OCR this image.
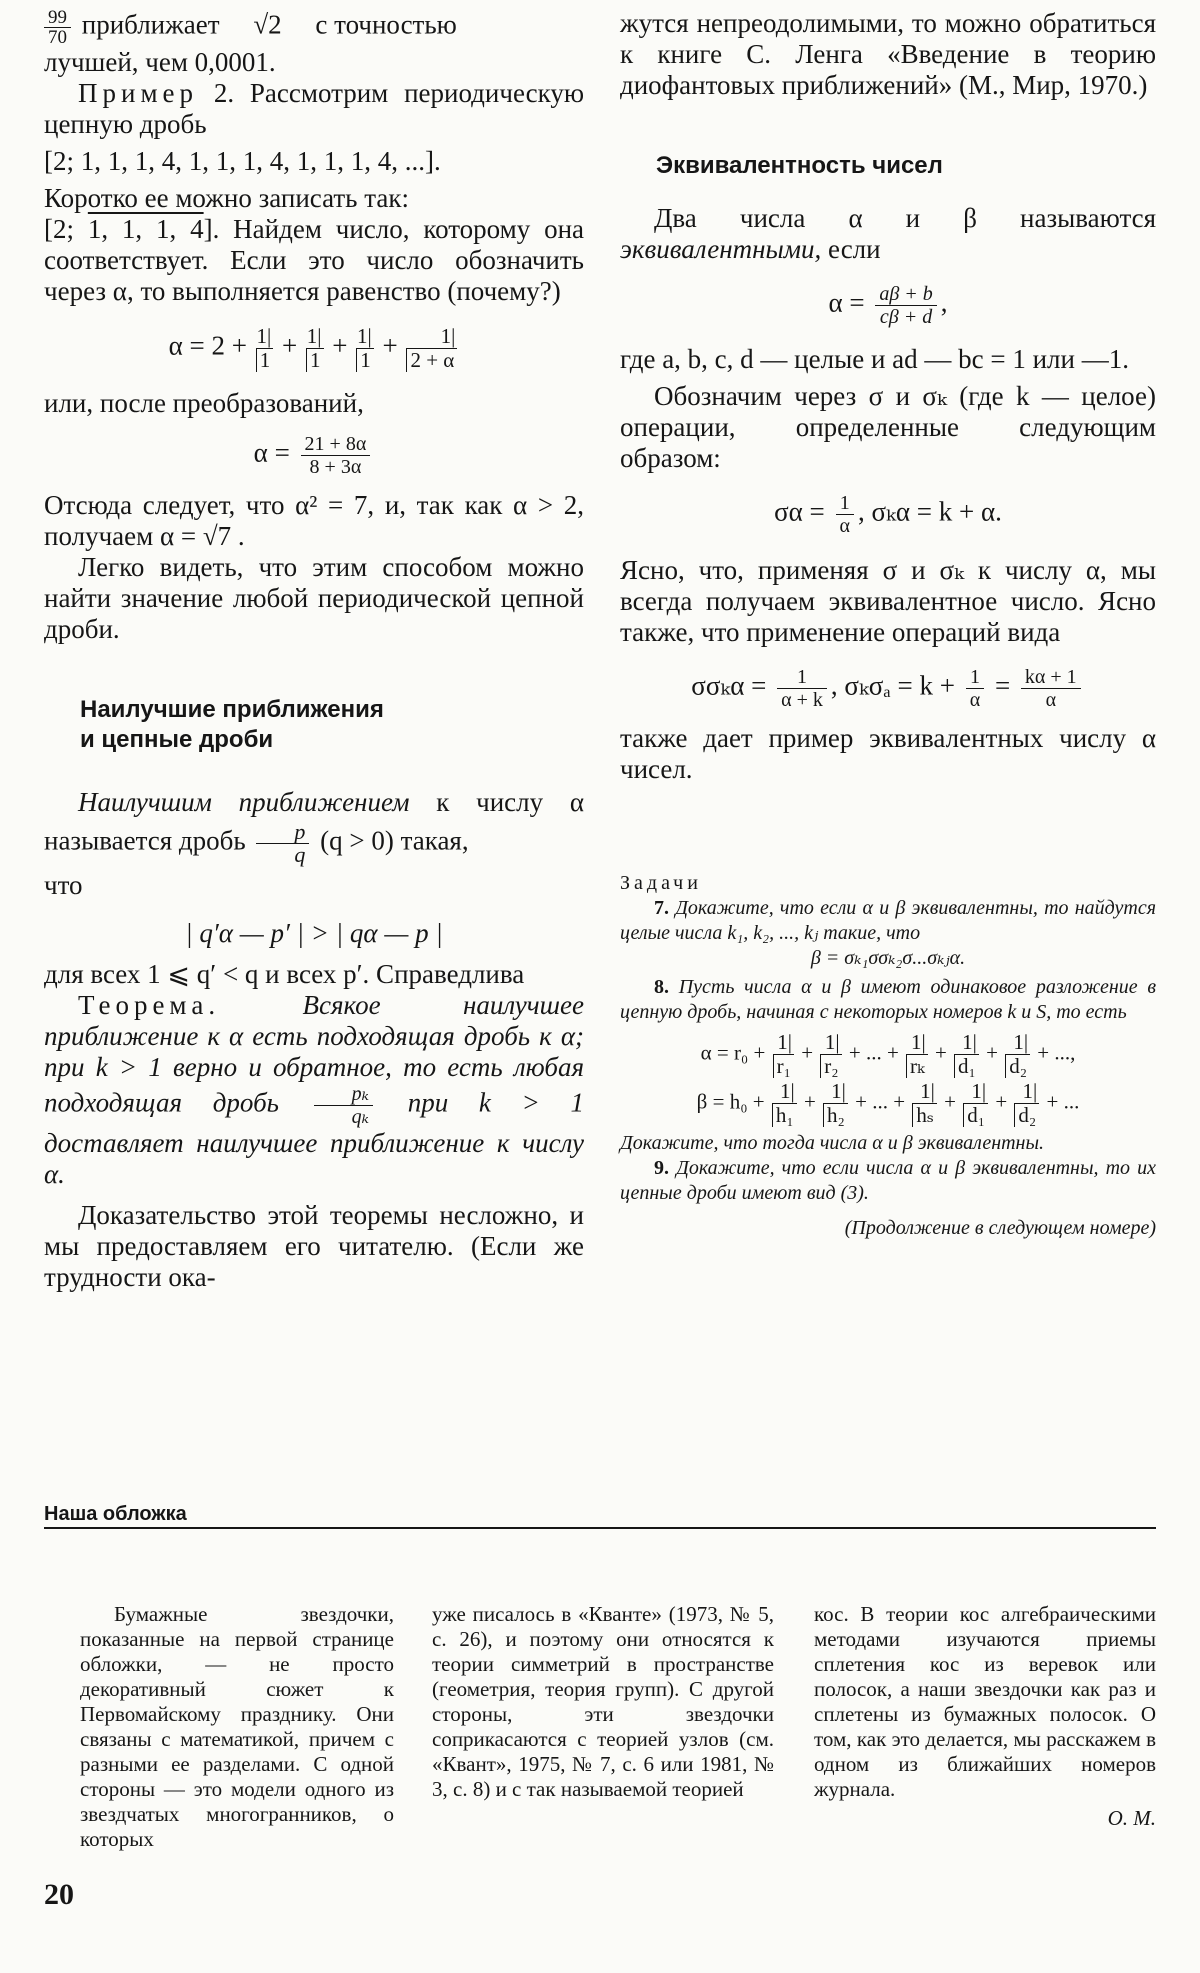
$\frac{99}{70}$ приближает √2 с точностью
лучшей, чем 0,0001.

Пример 2. Рассмотрим периодическую цепную дробь

[2; 1, 1, 1, 4, 1, 1, 1, 4, 1, 1, 1, 4, ...].

Коротко ее можно записать так:
[2; 1, 1, 1, 4]. Найдем число, которому она соответствует. Если это число обозначить через α, то выполняется равенство (почему?)

$\alpha = 2 + \frac{1|}{1} + \frac{1|}{1} + \frac{1|}{1} + \frac{1|}{2 + \alpha}$

или, после преобразований,

$\alpha = \frac{21 + 8\alpha}{8 + 3\alpha}$

Отсюда следует, что α² = 7, и, так как α > 2, получаем α = √7 .

Легко видеть, что этим способом можно найти значение любой периодической цепной дроби.

Наилучшие приближения
и цепные дроби

Наилучшим приближением к числу α называется дробь $\frac{p}{q} (q > 0)$ такая,
что

| q′α — p′ | > | qα — p |

для всех 1 ⩽ q′ < q и всех p′. Справедлива

Теорема.	Всякое наилучшее приближение к α есть подходящая дробь к α; при k > 1 верно и обратное, то есть любая подходящая дробь $\frac{\text{pₖ}}{\text{qₖ}}$ при k > 1 доставляет наилучшее приближение к числу α.

Доказательство этой теоремы несложно, и мы предоставляем его читателю. (Если же трудности ока-

жутся непреодолимыми, то можно обратиться к книге С. Ленга «Введение в теорию диофантовых приближений» (М., Мир, 1970.)

Эквивалентность чисел

Два числа α и β называются эквивалентными, если

$\alpha = \frac{a\beta + b}{c\beta + d}$ ,

где a, b, c, d — целые и ad — bc = 1 или —1.

Обозначим через σ и σₖ (где k — целое) операции, определенные следующим образом:

$\sigma\alpha = \frac{1}{\alpha}$ , σₖα = k + α.

Ясно, что, применяя σ и σₖ к числу α, мы всегда получаем эквивалентное число. Ясно также, что применение операций вида

$\sigma\sigma_k\alpha = \frac{1}{\alpha + k}$ , $\sigma_k\sigma_a = k + \frac{1}{\alpha} = \frac{k\alpha + 1}{\alpha}$

также дает пример эквивалентных числу α чисел.

Задачи

7. Докажите, что если α и β эквивалентны, то найдутся целые числа k₁, k₂, ..., kⱼ такие, что

β = σₖ₁σσₖ₂σ...σₖⱼα.

8. Пусть числа α и β имеют одинаковое разложение в цепную дробь, начиная с некоторых номеров k и S, то есть

$\alpha = r_0 + \frac{1|}{\text{r₁}} + \frac{1|}{\text{r₂}}$ + ... + $\frac{1|}{\text{rₖ}} + \frac{1|}{\text{d₁}} + \frac{1|}{\text{d₂}}$ + ...,

$\beta = h_0 + \frac{1|}{\text{h₁}} + \frac{1|}{\text{h₂}}$ + ... + $\frac{1|}{\text{hₛ}} + \frac{1|}{\text{d₁}} + \frac{1|}{\text{d₂}}$ + ...

Докажите, что тогда числа α и β эквивалентны.

9. Докажите, что если числа α и β эквивалентны, то их цепные дроби имеют вид (3).

(Продолжение в следующем номере)

Наша обложка

Бумажные звездочки, показанные на первой странице обложки, — не просто декоративный сюжет к Первомайскому празднику. Они связаны с математикой, причем с разными ее разделами. С одной стороны — это модели одного из звездчатых многогранников, о которых

уже писалось в «Кванте» (1973, № 5, с. 26), и поэтому они относятся к теории симметрий в пространстве (геометрия, теория групп). С другой стороны, эти звездочки соприкасаются с теорией узлов (см. «Квант», 1975, № 7, с. 6 или 1981, № 3, с. 8) и с так называемой теорией

кос. В теории кос алгебраическими методами изучаются приемы сплетения кос из веревок или полосок, а наши звездочки как раз и сплетены из бумажных полосок. О том, как это делается, мы расскажем в одном из ближайших номеров журнала.

О. М.

20
